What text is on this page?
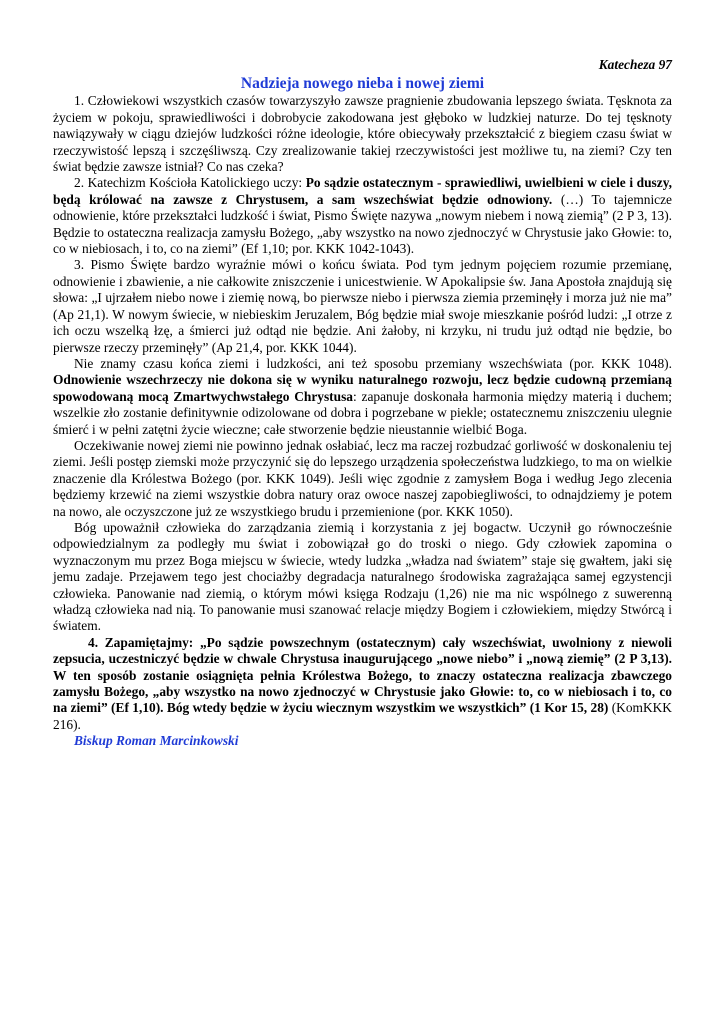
Katecheza 97
Nadzieja nowego nieba i nowej ziemi

1. Człowiekowi wszystkich czasów towarzyszyło zawsze pragnienie zbudowania lepszego świata. Tęsknota za życiem w pokoju, sprawiedliwości i dobrobycie zakodowana jest głęboko w ludzkiej naturze. Do tej tęsknoty nawiązywały w ciągu dziejów ludzkości różne ideologie, które obiecywały przekształcić z biegiem czasu świat w rzeczywistość lepszą i szczęśliwszą. Czy zrealizowanie takiej rzeczywistości jest możliwe tu, na ziemi? Czy ten świat będzie zawsze istniał? Co nas czeka?

2. Katechizm Kościoła Katolickiego uczy: Po sądzie ostatecznym - sprawiedliwi, uwielbieni w ciele i duszy, będą królować na zawsze z Chrystusem, a sam wszechświat będzie odnowiony. (…) To tajemnicze odnowienie, które przekształci ludzkość i świat, Pismo Święte nazywa „nowym niebem i nową ziemią” (2 P 3, 13). Będzie to ostateczna realizacja zamysłu Bożego, „aby wszystko na nowo zjednoczyć w Chrystusie jako Głowie: to, co w niebiosach, i to, co na ziemi” (Ef 1,10; por. KKK 1042-1043).

3. Pismo Święte bardzo wyraźnie mówi o końcu świata. Pod tym jednym pojęciem rozumie przemianę, odnowienie i zbawienie, a nie całkowite zniszczenie i unicestwienie. W Apokalipsie św. Jana Apostoła znajdują się słowa: „I ujrzałem niebo nowe i ziemię nową, bo pierwsze niebo i pierwsza ziemia przeminęły i morza już nie ma” (Ap 21,1). W nowym świecie, w niebieskim Jeruzalem, Bóg będzie miał swoje mieszkanie pośród ludzi: „I otrze z ich oczu wszelką łzę, a śmierci już odtąd nie będzie. Ani żałoby, ni krzyku, ni trudu już odtąd nie będzie, bo pierwsze rzeczy przeminęły” (Ap 21,4, por. KKK 1044).

Nie znamy czasu końca ziemi i ludzkości, ani też sposobu przemiany wszechświata (por. KKK 1048). Odnowienie wszechrzeczy nie dokona się w wyniku naturalnego rozwoju, lecz będzie cudowną przemianą spowodowaną mocą Zmartwychwstałego Chrystusa: zapanuje doskonała harmonia między materią i duchem; wszelkie zło zostanie definitywnie odizolowane od dobra i pogrzebane w piekle; ostatecznemu zniszczeniu ulegnie śmierć i w pełni zatętni życie wieczne; całe stworzenie będzie nieustannie wielbić Boga.

Oczekiwanie nowej ziemi nie powinno jednak osłabiać, lecz ma raczej rozbudzać gorliwość w doskonaleniu tej ziemi. Jeśli postęp ziemski może przyczynić się do lepszego urządzenia społeczeństwa ludzkiego, to ma on wielkie znaczenie dla Królestwa Bożego (por. KKK 1049). Jeśli więc zgodnie z zamysłem Boga i według Jego zlecenia będziemy krzewić na ziemi wszystkie dobra natury oraz owoce naszej zapobiegliwości, to odnajdziemy je potem na nowo, ale oczyszczone już ze wszystkiego brudu i przemienione (por. KKK 1050).

Bóg upoważnił człowieka do zarządzania ziemią i korzystania z jej bogactw. Uczynił go równocześnie odpowiedzialnym za podległy mu świat i zobowiązał go do troski o niego. Gdy człowiek zapomina o wyznaczonym mu przez Boga miejscu w świecie, wtedy ludzka „władza nad światem” staje się gwałtem, jaki się jemu zadaje. Przejawem tego jest chociażby degradacja naturalnego środowiska zagrażająca samej egzystencji człowieka. Panowanie nad ziemią, o którym mówi księga Rodzaju (1,26) nie ma nic wspólnego z suwerenną władzą człowieka nad nią. To panowanie musi szanować relacje między Bogiem i człowiekiem, między Stwórcą i światem.

4. Zapamiętajmy: „Po sądzie powszechnym (ostatecznym) cały wszechświat, uwolniony z niewoli zepsucia, uczestniczyć będzie w chwale Chrystusa inaugurującego „nowe niebo” i „nową ziemię” (2 P 3,13). W ten sposób zostanie osiągnięta pełnia Królestwa Bożego, to znaczy ostateczna realizacja zbawczego zamysłu Bożego, „aby wszystko na nowo zjednoczyć w Chrystusie jako Głowie: to, co w niebiosach i to, co na ziemi” (Ef 1,10). Bóg wtedy będzie w życiu wiecznym wszystkim we wszystkich” (1 Kor 15, 28) (KomKKK 216).

Biskup Roman Marcinkowski
